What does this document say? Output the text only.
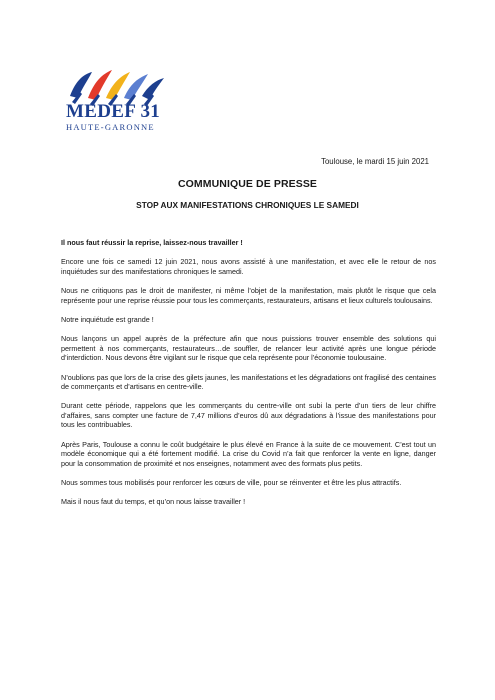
MEDEF 31
HAUTE-GARONNE
Toulouse, le mardi 15 juin 2021
COMMUNIQUE DE PRESSE
STOP AUX MANIFESTATIONS CHRONIQUES LE SAMEDI

Il nous faut réussir la reprise, laissez-nous travailler !

Encore une fois ce samedi 12 juin 2021, nous avons assisté à une manifestation, et avec elle le retour de nos inquiétudes sur des manifestations chroniques le samedi.

Nous ne critiquons pas le droit de manifester, ni même l’objet de la manifestation, mais plutôt le risque que cela représente pour une reprise réussie pour tous les commerçants, restaurateurs, artisans et lieux culturels toulousains.

Notre inquiétude est grande !

Nous lançons un appel auprès de la préfecture afin que nous puissions trouver ensemble des solutions qui permettent à nos commerçants, restaurateurs…de souffler, de relancer leur activité après une longue période d’interdiction. Nous devons être vigilant sur le risque que cela représente pour l’économie toulousaine.

N’oublions pas que lors de la crise des gilets jaunes, les manifestations et les dégradations ont fragilisé des centaines de commerçants et d’artisans en centre-ville.

Durant cette période, rappelons que les commerçants du centre-ville ont subi la perte d’un tiers de leur chiffre d’affaires, sans compter une facture de 7,47 millions d’euros dû aux dégradations à l’issue des manifestations pour tous les contribuables.

Après Paris, Toulouse a connu le coût budgétaire le plus élevé en France à la suite de ce mouvement. C’est tout un modèle économique qui a été fortement modifié. La crise du Covid n’a fait que renforcer la vente en ligne, danger pour la consommation de proximité et nos enseignes, notamment avec des formats plus petits.

Nous sommes tous mobilisés pour renforcer les cœurs de ville, pour se réinventer et être les plus attractifs.

Mais il nous faut du temps, et qu’on nous laisse travailler !
